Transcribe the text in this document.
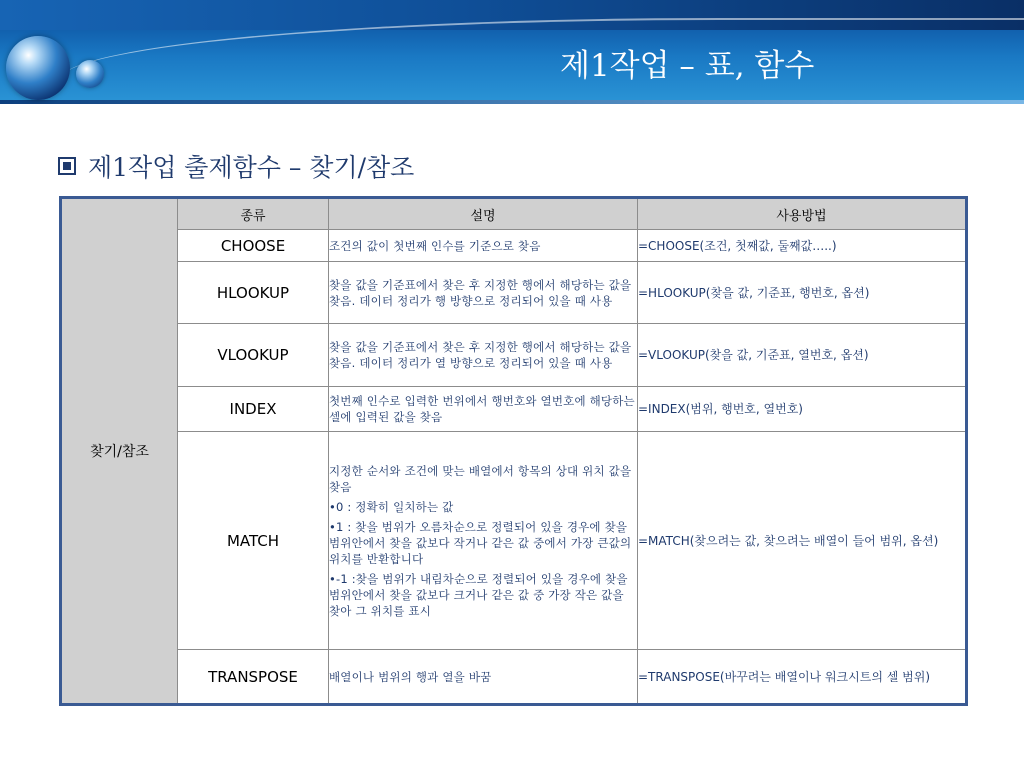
제1작업 – 표, 함수
제1작업 출제함수 – 찾기/참조
찾기/참조	종류	설명	사용방법
	CHOOSE	조건의 값이 첫번째 인수를 기준으로 찾음	=CHOOSE(조건, 첫째값, 둘째값…..)
	HLOOKUP	찾을 값을 기준표에서 찾은 후 지정한 행에서 해당하는 값을 찾음. 데이터 정리가 행 방향으로 정리되어 있을 때 사용	=HLOOKUP(찾을 값, 기준표, 행번호, 옵션)
	VLOOKUP	찾을 값을 기준표에서 찾은 후 지정한 행에서 해당하는 값을 찾음. 데이터 정리가 열 방향으로 정리되어 있을 때 사용	=VLOOKUP(찾을 값, 기준표, 열번호, 옵션)
	INDEX	첫번째 인수로 입력한 번위에서 행번호와 열번호에 해당하는 셀에 입력된 값을 찾음	=INDEX(범위, 행번호, 열번호)
	MATCH	지정한 순서와 조건에 맞는 배열에서 항목의 상대 위치 값을 찾음

•0 : 정확히 일치하는 값

•1 : 찾을 범위가 오름차순으로 정렬되어 있을 경우에 찾을 범위안에서 찾을 값보다 작거나 같은 값 중에서 가장 큰값의 위치를 반환합니다

•-1 :찾을 범위가 내림차순으로 정렬되어 있을 경우에 찾을 범위안에서 찾을 값보다 크거나 같은 값 중 가장 작은 값을 찾아 그 위치를 표시	=MATCH(찾으려는 값, 찾으려는 배열이 들어 범위, 옵션)
	TRANSPOSE	배열이나 범위의 행과 열을 바꿈	=TRANSPOSE(바꾸려는 배열이나 워크시트의 셀 범위)
